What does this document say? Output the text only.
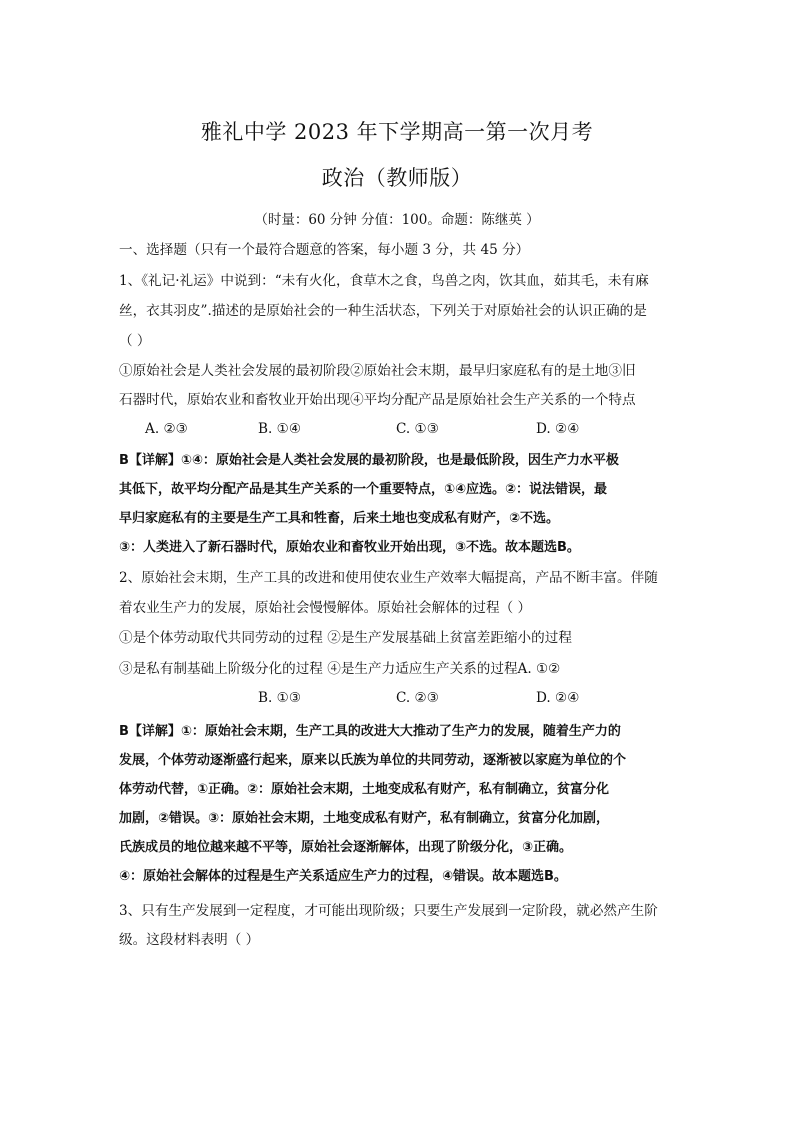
雅礼中学 2023 年下学期高一第一次月考
政治（教师版）
（时量：60 分钟 分值：100。命题：陈继英 ）
一、选择题（只有一个最符合题意的答案，每小题 3 分，共 45 分）
1、《礼记·礼运》中说到：“未有火化，食草木之食，鸟兽之肉，饮其血，茹其毛，未有麻
丝，衣其羽皮”.描述的是原始社会的一种生活状态，下列关于对原始社会的认识正确的是
（ ）
①原始社会是人类社会发展的最初阶段②原始社会末期，最早归家庭私有的是土地③旧
石器时代，原始农业和畜牧业开始出现④平均分配产品是原始社会生产关系的一个特点
A. ②③	B. ①④	C. ①③	D. ②④
B【详解】①④：原始社会是人类社会发展的最初阶段，也是最低阶段，因生产力水平极
其低下，故平均分配产品是其生产关系的一个重要特点，①④应选。②：说法错误，最
早归家庭私有的主要是生产工具和牲畜，后来土地也变成私有财产，②不选。
③：人类进入了新石器时代，原始农业和畜牧业开始出现，③不选。故本题选B。
2、原始社会末期，生产工具的改进和使用使农业生产效率大幅提高，产品不断丰富。伴随
着农业生产力的发展，原始社会慢慢解体。原始社会解体的过程（ ）
①是个体劳动取代共同劳动的过程 ②是生产发展基础上贫富差距缩小的过程
③是私有制基础上阶级分化的过程 ④是生产力适应生产关系的过程A. ①②
B. ①③	C. ②③	D. ②④
B【详解】①：原始社会末期，生产工具的改进大大推动了生产力的发展，随着生产力的
发展，个体劳动逐渐盛行起来，原来以氏族为单位的共同劳动，逐渐被以家庭为单位的个
体劳动代替，①正确。②：原始社会末期，土地变成私有财产，私有制确立，贫富分化
加剧，②错误。③：原始社会末期，土地变成私有财产，私有制确立，贫富分化加剧，
氏族成员的地位越来越不平等，原始社会逐渐解体，出现了阶级分化，③正确。
④：原始社会解体的过程是生产关系适应生产力的过程，④错误。故本题选B。
3、只有生产发展到一定程度，才可能出现阶级；只要生产发展到一定阶段，就必然产生阶
级。这段材料表明（ ）
